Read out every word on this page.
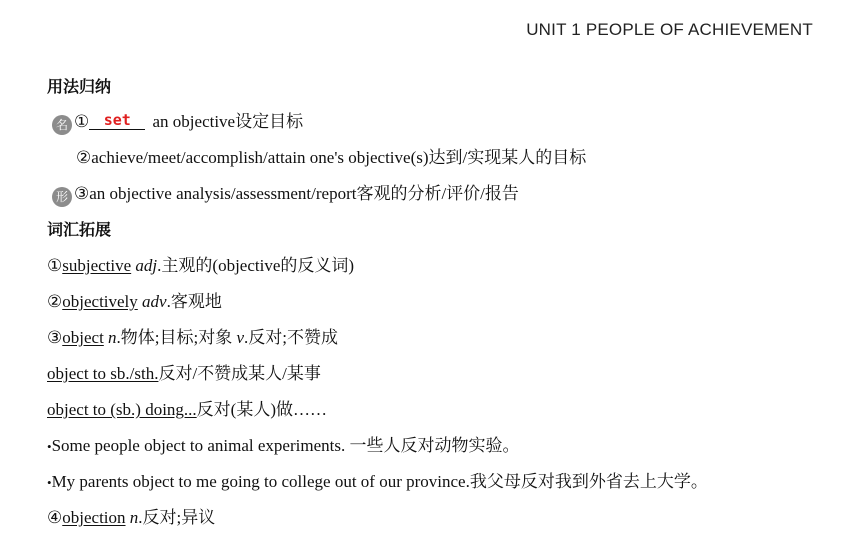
UNIT 1 PEOPLE OF ACHIEVEMENT
用法归纳
名 ① set an objective设定目标
②achieve/meet/accomplish/attain one's objective(s)达到/实现某人的目标
形 ③an objective analysis/assessment/report客观的分析/评价/报告
词汇拓展
①subjective adj.主观的(objective的反义词)
②objectively adv.客观地
③object n.物体;目标;对象 v.反对;不赞成
object to sb./sth.反对/不赞成某人/某事
object to (sb.) doing...反对(某人)做……
•Some people object to animal experiments. 一些人反对动物实验。
•My parents object to me going to college out of our province.我父母反对我到外省去上大学。
④objection n.反对;异议
